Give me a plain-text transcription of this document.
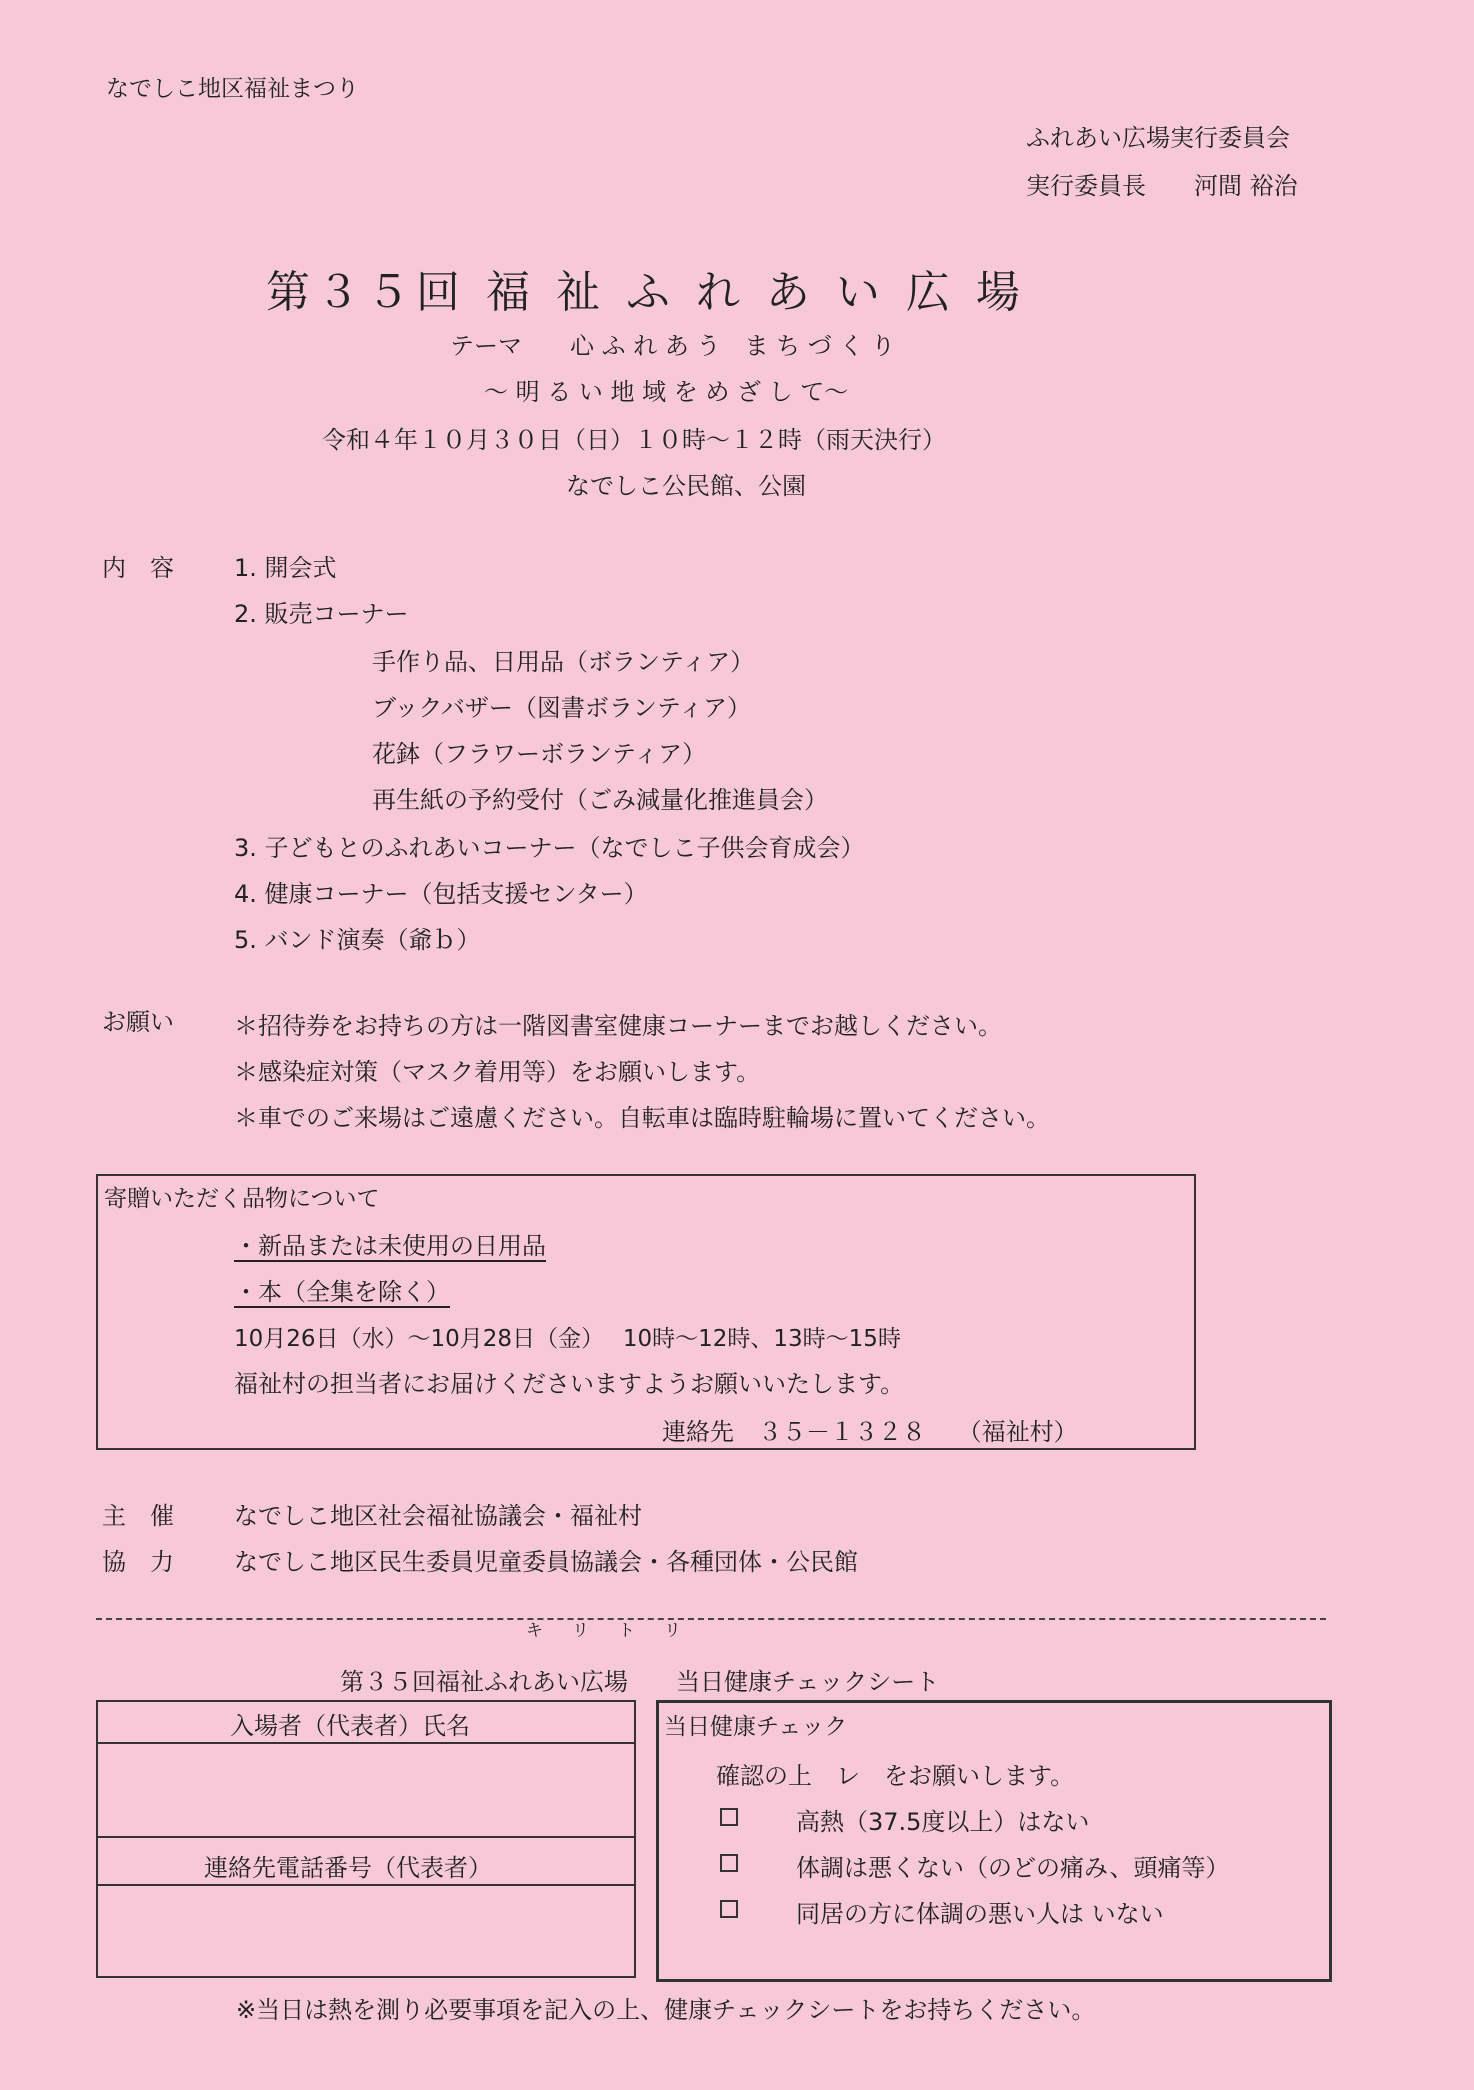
なでしこ地区福祉まつり
ふれあい広場実行委員会
実行委員長　　河間 裕治
第３５回 福 祉 ふ れ あ い 広 場
テーマ　　心 ふ れ あ う　ま ち づ く り
～ 明 る い 地 域 を め ざ し て～
令和４年１０月３０日（日）１０時～１２時（雨天決行）
なでしこ公民館、公園
内　容	1. 開会式
2. 販売コーナー
手作り品、日用品（ボランティア）
ブックバザー（図書ボランティア）
花鉢（フラワーボランティア）
再生紙の予約受付（ごみ減量化推進員会）
3. 子どもとのふれあいコーナー（なでしこ子供会育成会）
4. 健康コーナー（包括支援センター）
5. バンド演奏（爺ｂ）
お願い	＊招待券をお持ちの方は一階図書室健康コーナーまでお越しください。
＊感染症対策（マスク着用等）をお願いします。
＊車でのご来場はご遠慮ください。自転車は臨時駐輪場に置いてください。
寄贈いただく品物について
・新品または未使用の日用品
・本（全集を除く）
10月26日（水）～10月28日（金）　 10時～12時、13時～15時
福祉村の担当者にお届けくださいますようお願いいたします。
連絡先　３５－１３２８　 （福祉村）
主　催	なでしこ地区社会福祉協議会・福祉村
協　力	なでしこ地区民生委員児童委員協議会・各種団体・公民館
キ　リ　ト　リ
第３５回福祉ふれあい広場　　当日健康チェックシート
入場者（代表者）氏名
連絡先電話番号（代表者）
当日健康チェック
確認の上　レ　をお願いします。
高熱（37.5度以上）はない
体調は悪くない（のどの痛み、頭痛等）
同居の方に体調の悪い人は いない
※当日は熱を測り必要事項を記入の上、健康チェックシートをお持ちください。
